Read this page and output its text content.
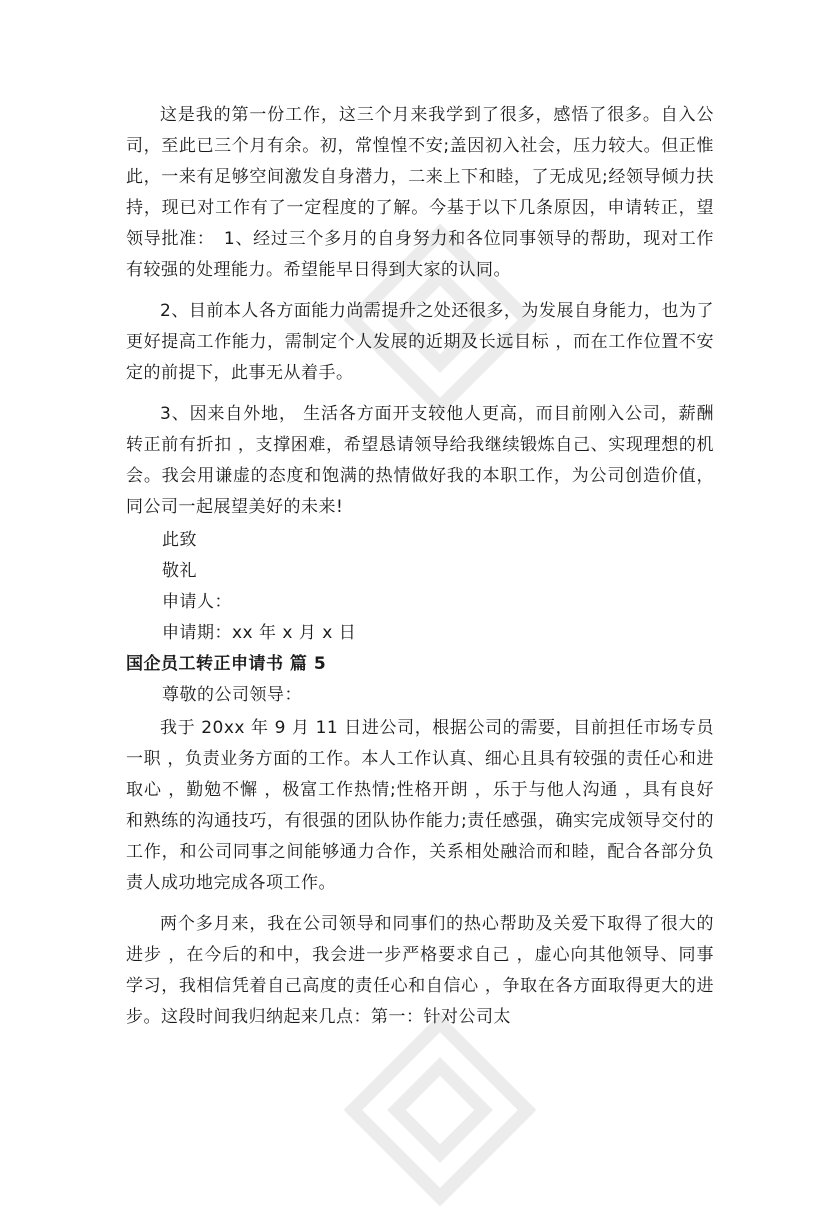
这是我的第一份工作，这三个月来我学到了很多，感悟了很多。自入公司，至此已三个月有余。初，常惶惶不安;盖因初入社会，压力较大。但正惟此，一来有足够空间激发自身潜力，二来上下和睦，了无成见;经领导倾力扶持，现已对工作有了一定程度的了解。今基于以下几条原因，申请转正，望领导批准：　1、经过三个多月的自身努力和各位同事领导的帮助，现对工作有较强的处理能力。希望能早日得到大家的认同。

2、目前本人各方面能力尚需提升之处还很多，为发展自身能力，也为了更好提高工作能力，需制定个人发展的近期及长远目标 ，而在工作位置不安定的前提下，此事无从着手。

3、因来自外地， 生活各方面开支较他人更高，而目前刚入公司，薪酬转正前有折扣 ，支撑困难，希望恳请领导给我继续锻炼自己、实现理想的机会。我会用谦虚的态度和饱满的热情做好我的本职工作，为公司创造价值，同公司一起展望美好的未来!

此致

敬礼

申请人：

申请期：xx 年 x 月 x 日

国企员工转正申请书 篇 5

尊敬的公司领导：

我于 20xx 年 9 月 11 日进公司，根据公司的需要，目前担任市场专员一职 ，负责业务方面的工作。本人工作认真、细心且具有较强的责任心和进取心 ，勤勉不懈 ，极富工作热情;性格开朗 ，乐于与他人沟通 ，具有良好和熟练的沟通技巧，有很强的团队协作能力;责任感强，确实完成领导交付的工作，和公司同事之间能够通力合作，关系相处融洽而和睦，配合各部分负责人成功地完成各项工作。

两个多月来，我在公司领导和同事们的热心帮助及关爱下取得了很大的进步 ，在今后的和中，我会进一步严格要求自己 ，虚心向其他领导、同事学习，我相信凭着自己高度的责任心和自信心 ，争取在各方面取得更大的进步。这段时间我归纳起来几点：第一：针对公司太
